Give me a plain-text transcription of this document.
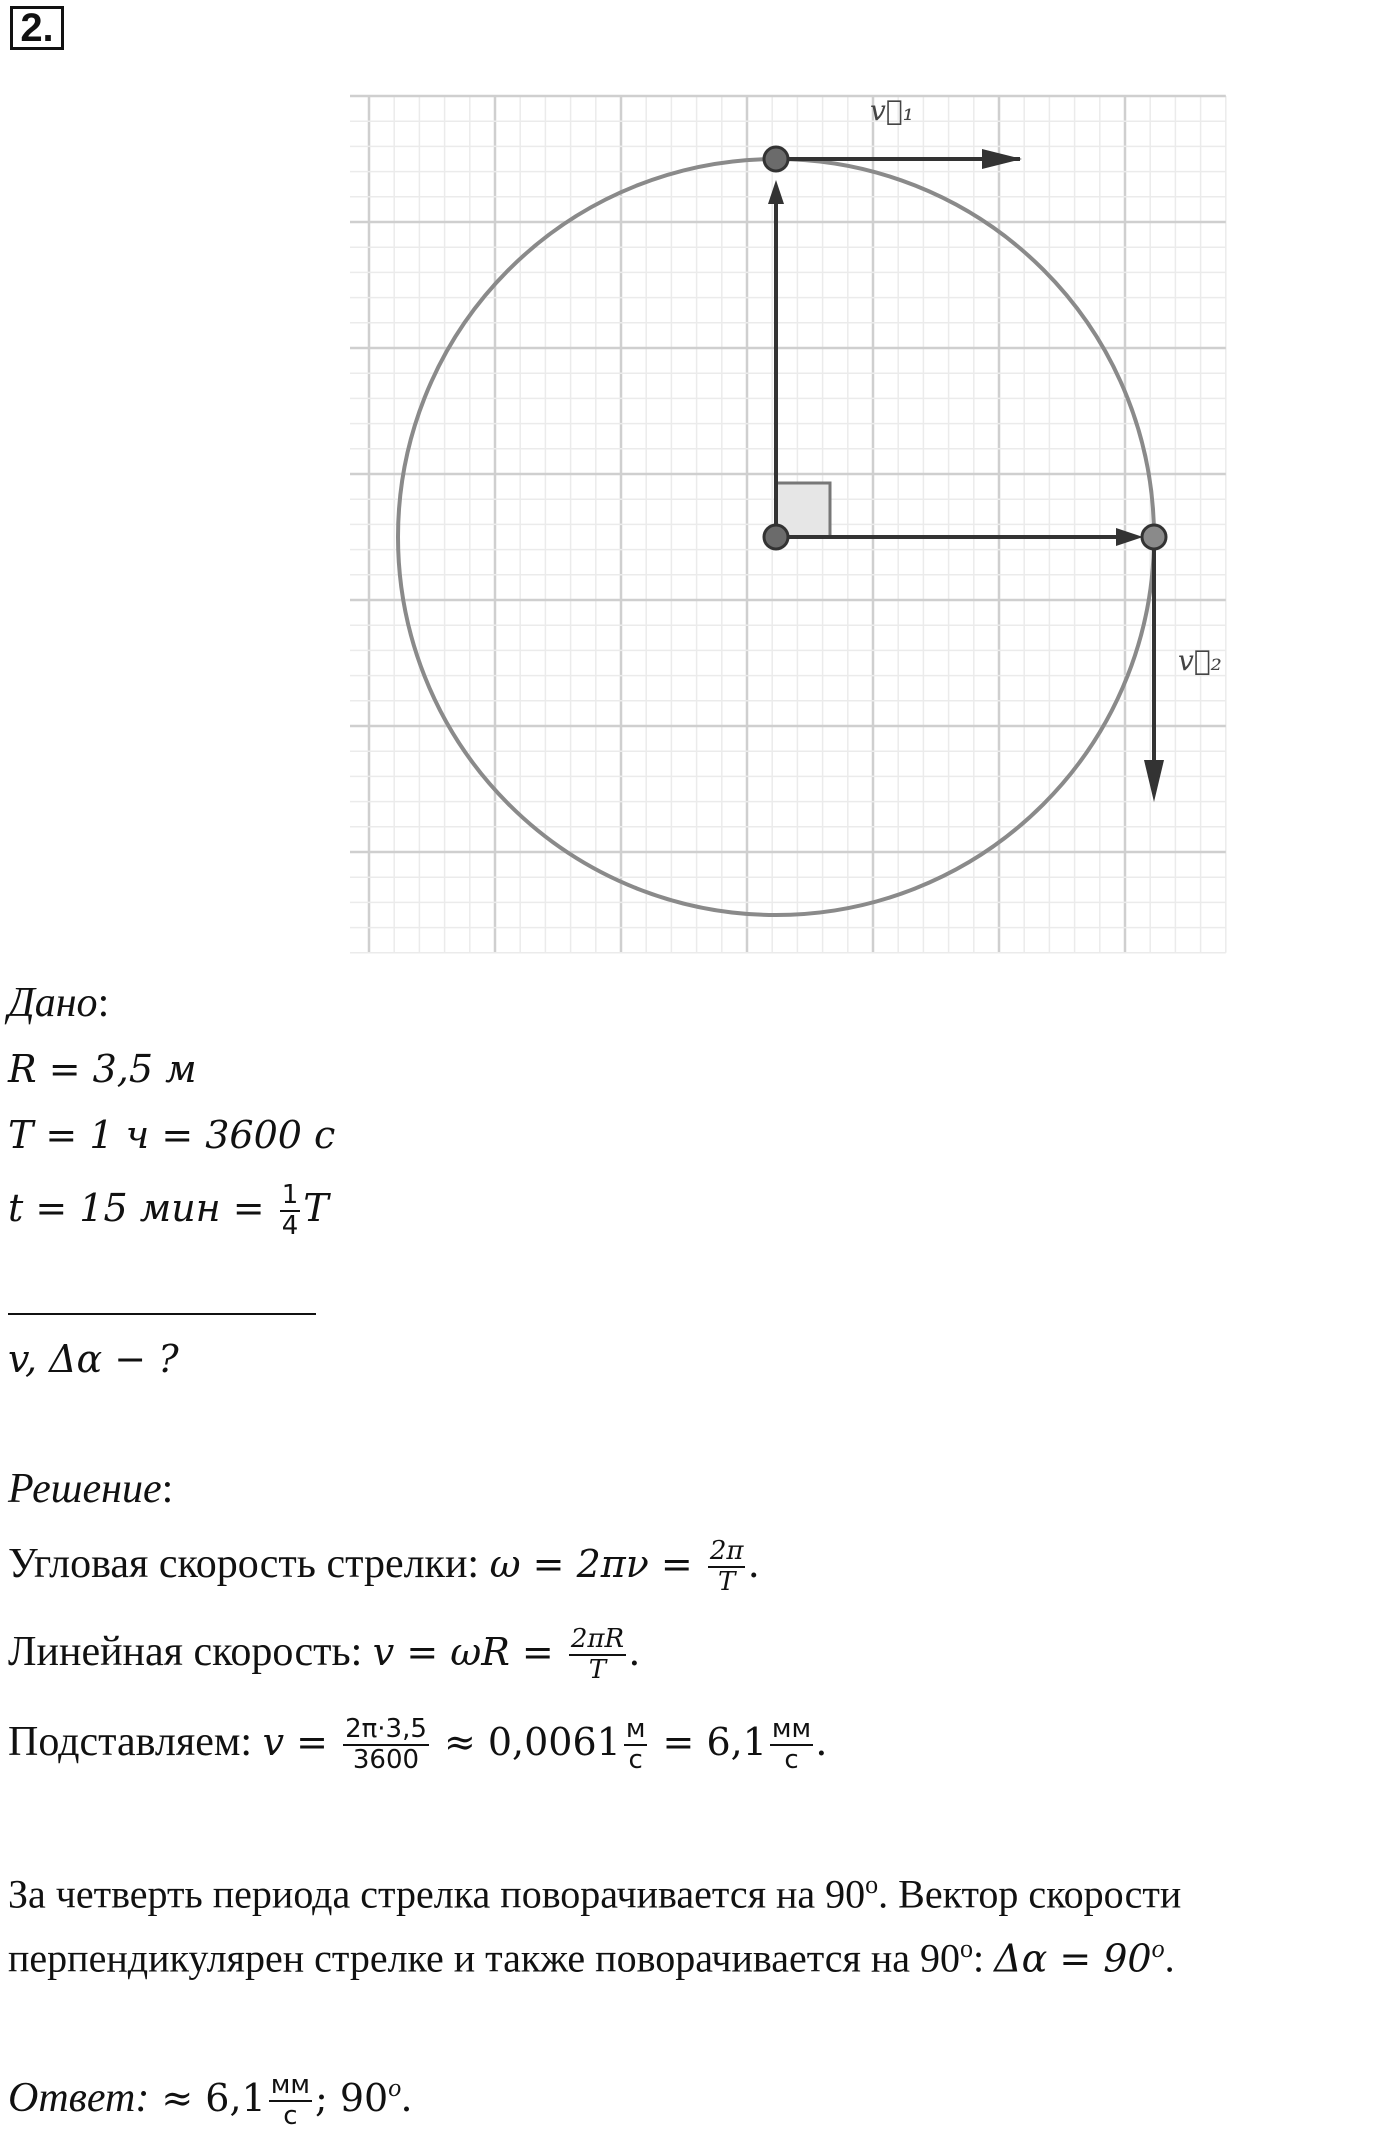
2.
v⃗₁
v⃗₂
Дано:
R = 3,5 м
T = 1 ч = 3600 с
t = 15 мин = $\frac{1}{4}$ T
v, Δα − ?
Решение:
Угловая скорость стрелки: $\omega = 2\pi\nu = \frac{2\pi}{T}$ .
Линейная скорость: $v = \omega R = \frac{2\pi R}{T}$ .
Подставляем: $v = \frac{2\pi\cdot 3,5}{3600} \approx 0,0061 \frac{м}{с} = 6,1 \frac{мм}{с}$ .
За четверть периода стрелка поворачивается на $90^о$. Вектор скорости
перпендикулярен стрелке и также поворачивается на $90^о$: $\Delta\alpha = 90^o$.
Ответ: ≈ $6,1 \frac{мм}{с}$ ; 90$^o$.
